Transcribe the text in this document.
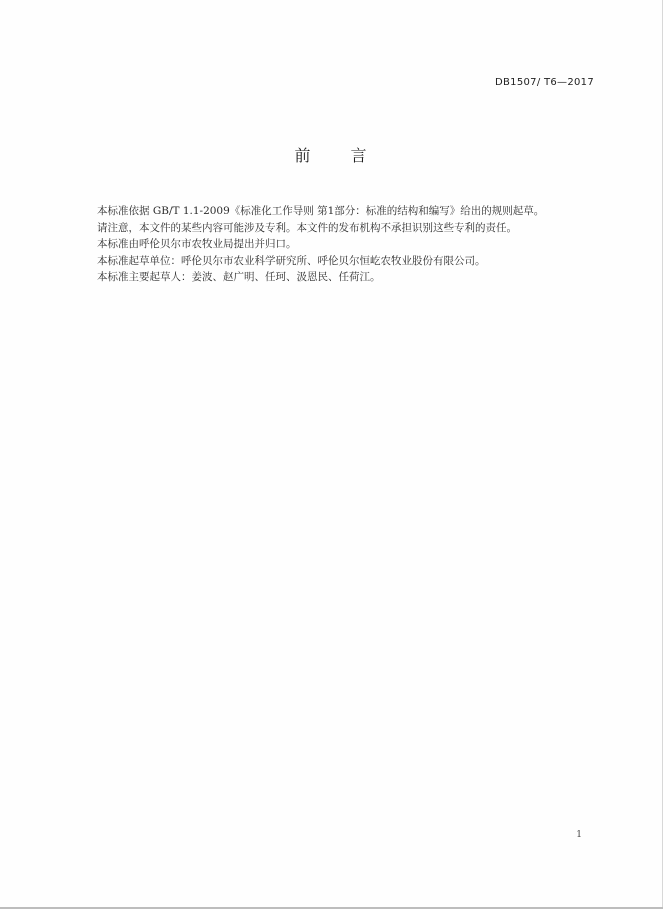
DB1507/ T6—2017
前 言

本标准依据 GB/T 1.1-2009《标准化工作导则 第1部分：标准的结构和编写》给出的规则起草。

请注意，本文件的某些内容可能涉及专利。本文件的发布机构不承担识别这些专利的责任。

本标准由呼伦贝尔市农牧业局提出并归口。

本标准起草单位：呼伦贝尔市农业科学研究所、呼伦贝尔恒屹农牧业股份有限公司。

本标准主要起草人：姜波、赵广明、任珂、汲恩民、任荷江。

1
